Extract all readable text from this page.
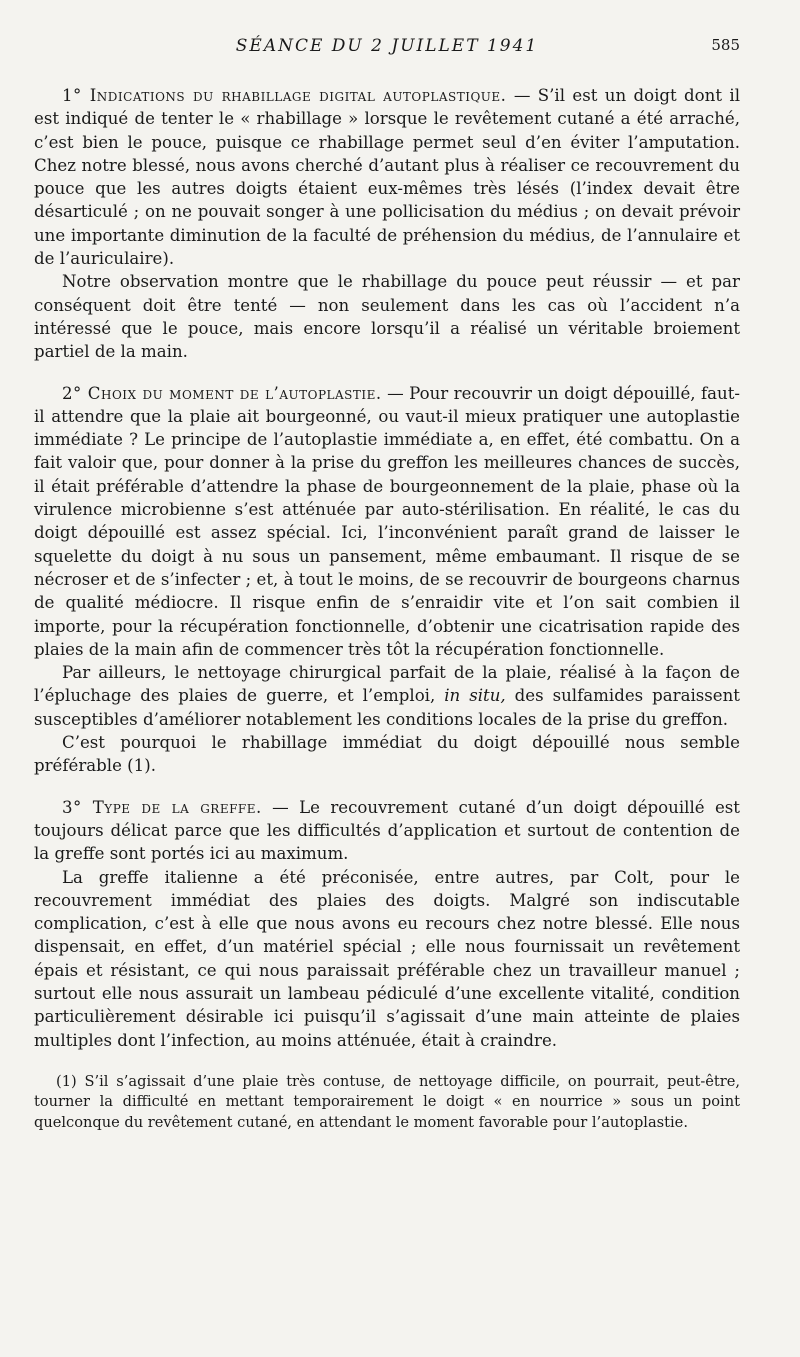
SÉANCE DU 2 JUILLET 1941	585

1° Indications du rhabillage digital autoplastique. — S’il est un doigt dont il est indiqué de tenter le « rhabillage » lorsque le revêtement cutané a été arraché, c’est bien le pouce, puisque ce rhabillage permet seul d’en éviter l’amputation. Chez notre blessé, nous avons cherché d’autant plus à réaliser ce recouvrement du pouce que les autres doigts étaient eux-mêmes très lésés (l’index devait être désarticulé ; on ne pouvait songer à une pollicisation du médius ; on devait prévoir une importante diminution de la faculté de préhension du médius, de l’annulaire et de l’auriculaire).

Notre observation montre que le rhabillage du pouce peut réussir — et par conséquent doit être tenté — non seulement dans les cas où l’accident n’a intéressé que le pouce, mais encore lorsqu’il a réalisé un véritable broiement partiel de la main.

2° Choix du moment de l’autoplastie. — Pour recouvrir un doigt dépouillé, faut-il attendre que la plaie ait bourgeonné, ou vaut-il mieux pratiquer une autoplastie immédiate ? Le principe de l’autoplastie immédiate a, en effet, été combattu. On a fait valoir que, pour donner à la prise du greffon les meilleures chances de succès, il était préférable d’attendre la phase de bourgeonnement de la plaie, phase où la virulence microbienne s’est atténuée par auto-stérilisation. En réalité, le cas du doigt dépouillé est assez spécial. Ici, l’inconvénient paraît grand de laisser le squelette du doigt à nu sous un pansement, même embaumant. Il risque de se nécroser et de s’infecter ; et, à tout le moins, de se recouvrir de bourgeons charnus de qualité médiocre. Il risque enfin de s’enraidir vite et l’on sait combien il importe, pour la récupération fonctionnelle, d’obtenir une cicatrisation rapide des plaies de la main afin de commencer très tôt la récupération fonctionnelle.

Par ailleurs, le nettoyage chirurgical parfait de la plaie, réalisé à la façon de l’épluchage des plaies de guerre, et l’emploi, in situ, des sulfamides paraissent susceptibles d’améliorer notablement les conditions locales de la prise du greffon.

C’est pourquoi le rhabillage immédiat du doigt dépouillé nous semble préférable (1).

3° Type de la greffe. — Le recouvrement cutané d’un doigt dépouillé est toujours délicat parce que les difficultés d’application et surtout de contention de la greffe sont portés ici au maximum.

La greffe italienne a été préconisée, entre autres, par Colt, pour le recouvrement immédiat des plaies des doigts. Malgré son indiscutable complication, c’est à elle que nous avons eu recours chez notre blessé. Elle nous dispensait, en effet, d’un matériel spécial ; elle nous fournissait un revêtement épais et résistant, ce qui nous paraissait préférable chez un travailleur manuel ; surtout elle nous assurait un lambeau pédiculé d’une excellente vitalité, condition particulièrement désirable ici puisqu’il s’agissait d’une main atteinte de plaies multiples dont l’infection, au moins atténuée, était à craindre.

(1) S’il s’agissait d’une plaie très contuse, de nettoyage difficile, on pourrait, peut-être, tourner la difficulté en mettant temporairement le doigt « en nourrice » sous un point quelconque du revêtement cutané, en attendant le moment favorable pour l’autoplastie.
